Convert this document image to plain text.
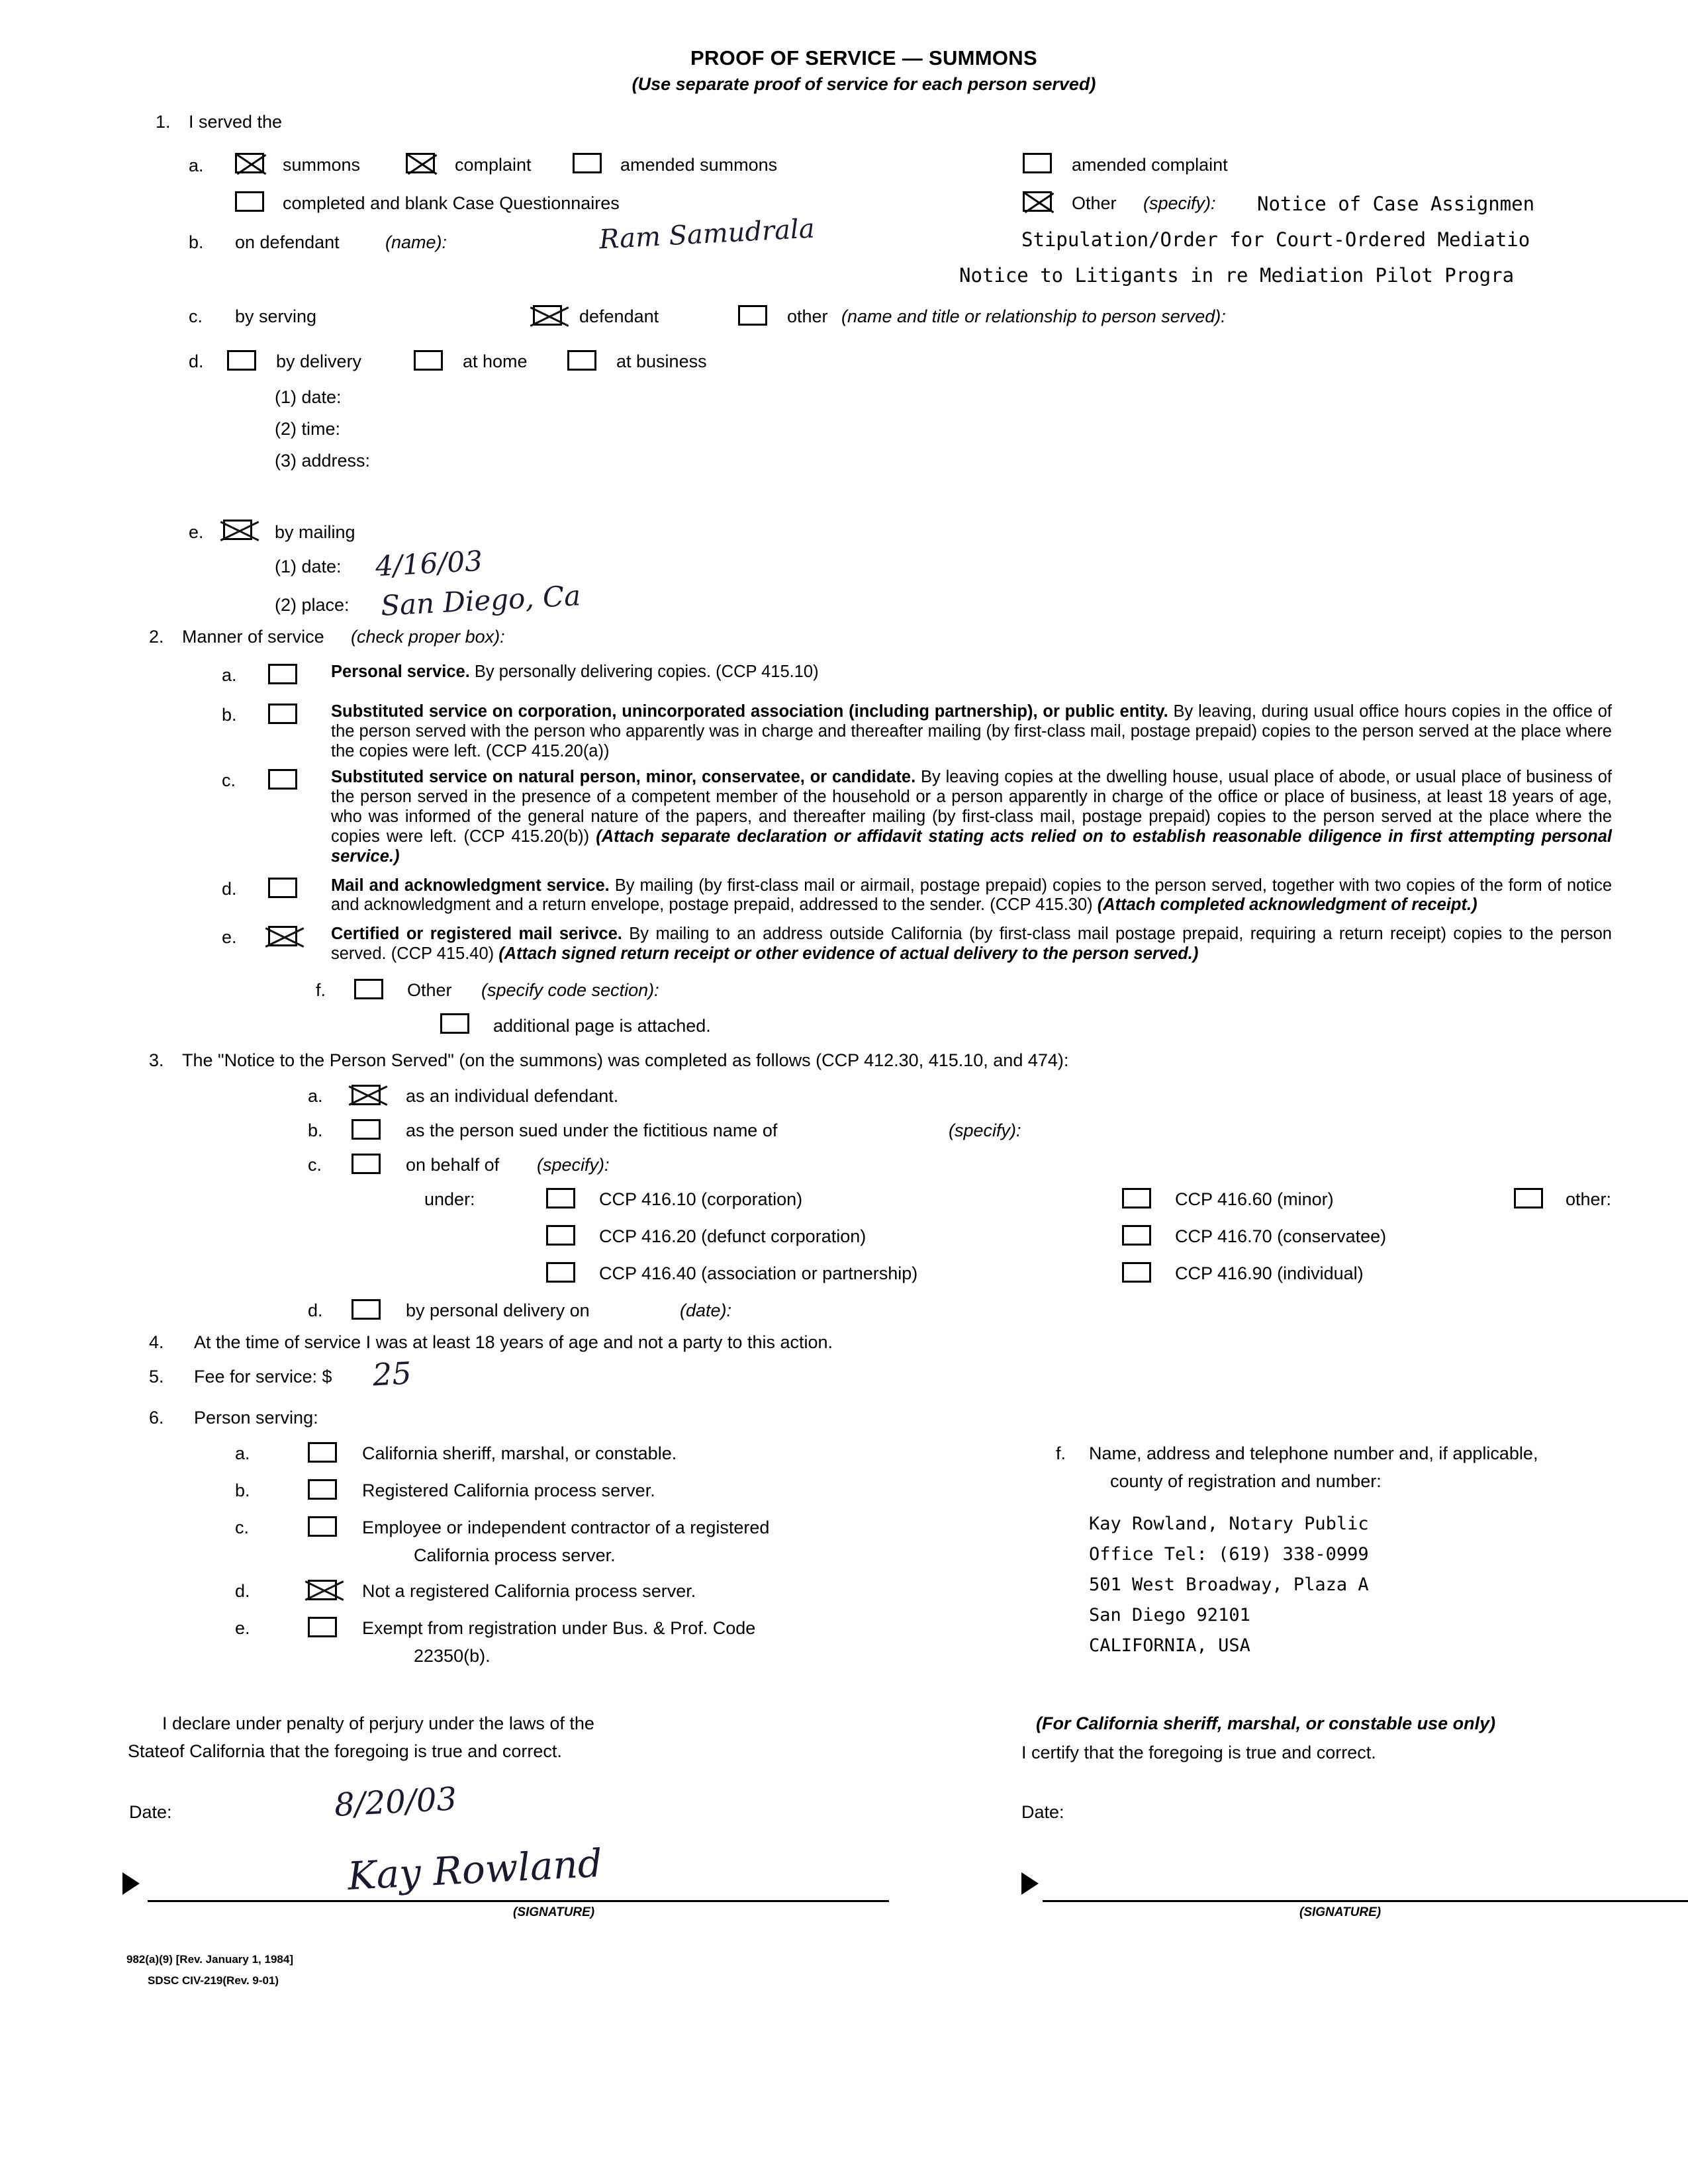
PROOF OF SERVICE — SUMMONS
(Use separate proof of service for each person served)
1. I served the
a.	summons	complaint	amended summons	amended complaint
completed and blank Case Questionnaires	Other (specify): Notice of Case Assignmen
b. on defendant	(name):	Ram Samudrala	Stipulation/Order for Court-Ordered Mediatio
Notice to Litigants in re Mediation Pilot Progra
c. by serving	defendant	other (name and title or relationship to person served):
d.	by delivery	at home	at business
(1) date:
(2) time:
(3) address:
e.	by mailing
(1) date: 4/16/03
(2) place: San Diego, Ca
2. Manner of service (check proper box):
a.	Personal service. By personally delivering copies. (CCP 415.10)
b.	Substituted service on corporation, unincorporated association (including partnership), or public entity. By leaving, during usual office hours copies in the office of the person served with the person who apparently was in charge and thereafter mailing (by first-class mail, postage prepaid) copies to the person served at the place where the copies were left. (CCP 415.20(a))
c.	Substituted service on natural person, minor, conservatee, or candidate. By leaving copies at the dwelling house, usual place of abode, or usual place of business of the person served in the presence of a competent member of the household or a person apparently in charge of the office or place of business, at least 18 years of age, who was informed of the general nature of the papers, and thereafter mailing (by first-class mail, postage prepaid) copies to the person served at the place where the copies were left. (CCP 415.20(b)) (Attach separate declaration or affidavit stating acts relied on to establish reasonable diligence in first attempting personal service.)
d.	Mail and acknowledgment service. By mailing (by first-class mail or airmail, postage prepaid) copies to the person served, together with two copies of the form of notice and acknowledgment and a return envelope, postage prepaid, addressed to the sender. (CCP 415.30) (Attach completed acknowledgment of receipt.)
e.	Certified or registered mail serivce. By mailing to an address outside California (by first-class mail postage prepaid, requiring a return receipt) copies to the person served. (CCP 415.40) (Attach signed return receipt or other evidence of actual delivery to the person served.)
f.	Other (specify code section):
additional page is attached.
3. The "Notice to the Person Served" (on the summons) was completed as follows (CCP 412.30, 415.10, and 474):
a.	as an individual defendant.
b.	as the person sued under the fictitious name of	(specify):
c.	on behalf of (specify):
under:	CCP 416.10 (corporation)	CCP 416.60 (minor)	other:
CCP 416.20 (defunct corporation)	CCP 416.70 (conservatee)
CCP 416.40 (association or partnership)	CCP 416.90 (individual)
d.	by personal delivery on	(date):
4. At the time of service I was at least 18 years of age and not a party to this action.
5. Fee for service: $ 25
6. Person serving:
a.	California sheriff, marshal, or constable.
b.	Registered California process server.
c.	Employee or independent contractor of a registered
California process server.
d.	Not a registered California process server.
e.	Exempt from registration under Bus. & Prof. Code
22350(b).
f. Name, address and telephone number and, if applicable,
county of registration and number:
Kay Rowland, Notary Public
Office Tel: (619) 338-0999
501 West Broadway, Plaza A
San Diego 92101
CALIFORNIA, USA
I declare under penalty of perjury under the laws of the
Stateof California that the foregoing is true and correct.
(For California sheriff, marshal, or constable use only)
I certify that the foregoing is true and correct.
Date:	8/20/03	Date:
Kay Rowland
(SIGNATURE)	(SIGNATURE)
982(a)(9) [Rev. January 1, 1984]
SDSC CIV-219(Rev. 9-01)
